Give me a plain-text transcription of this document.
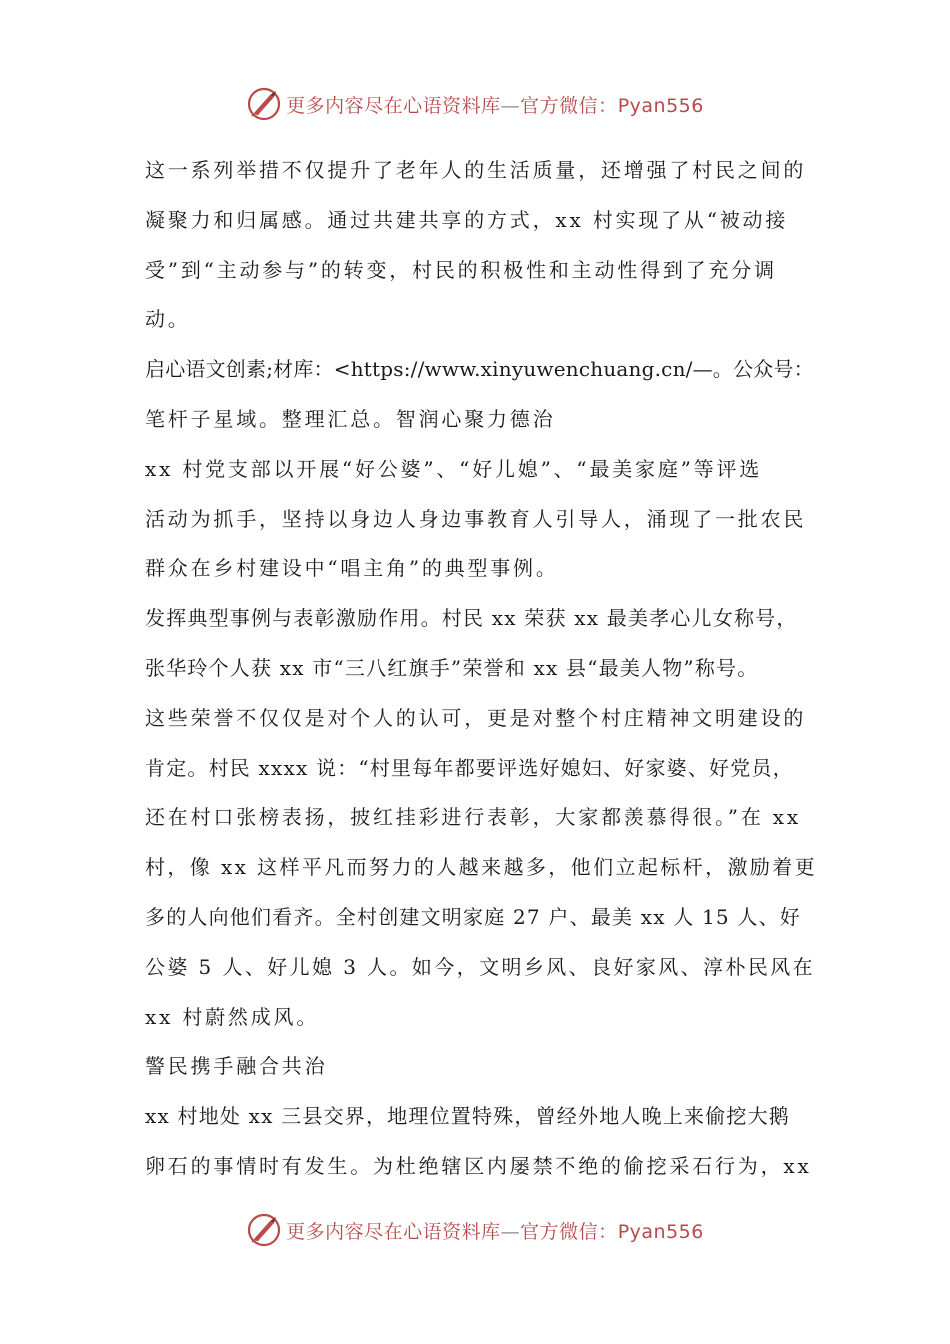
更多内容尽在心语资料库—官方微信：Pyan556
这一系列举措不仅提升了老年人的生活质量，还增强了村民之间的
凝聚力和归属感。通过共建共享的方式，xx 村实现了从“被动接
受”到“主动参与”的转变，村民的积极性和主动性得到了充分调
动。
启心语文创素;材库：<https://www.xinyuwenchuang.cn/—。公众号：
笔杆子星域。整理汇总。智润心聚力德治
xx 村党支部以开展“好公婆”、“好儿媳”、“最美家庭”等评选
活动为抓手，坚持以身边人身边事教育人引导人，涌现了一批农民
群众在乡村建设中“唱主角”的典型事例。
发挥典型事例与表彰激励作用。村民 xx 荣获 xx 最美孝心儿女称号，
张华玲个人获 xx 市“三八红旗手”荣誉和 xx 县“最美人物”称号。
这些荣誉不仅仅是对个人的认可，更是对整个村庄精神文明建设的
肯定。村民 xxxx 说：“村里每年都要评选好媳妇、好家婆、好党员，
还在村口张榜表扬，披红挂彩进行表彰，大家都羡慕得很。”在 xx
村，像 xx 这样平凡而努力的人越来越多，他们立起标杆，激励着更
多的人向他们看齐。全村创建文明家庭 27 户、最美 xx 人 15 人、好
公婆 5 人、好儿媳 3 人。如今，文明乡风、良好家风、淳朴民风在
xx 村蔚然成风。
警民携手融合共治
xx 村地处 xx 三县交界，地理位置特殊，曾经外地人晚上来偷挖大鹅
卵石的事情时有发生。为杜绝辖区内屡禁不绝的偷挖采石行为，xx
更多内容尽在心语资料库—官方微信：Pyan556
